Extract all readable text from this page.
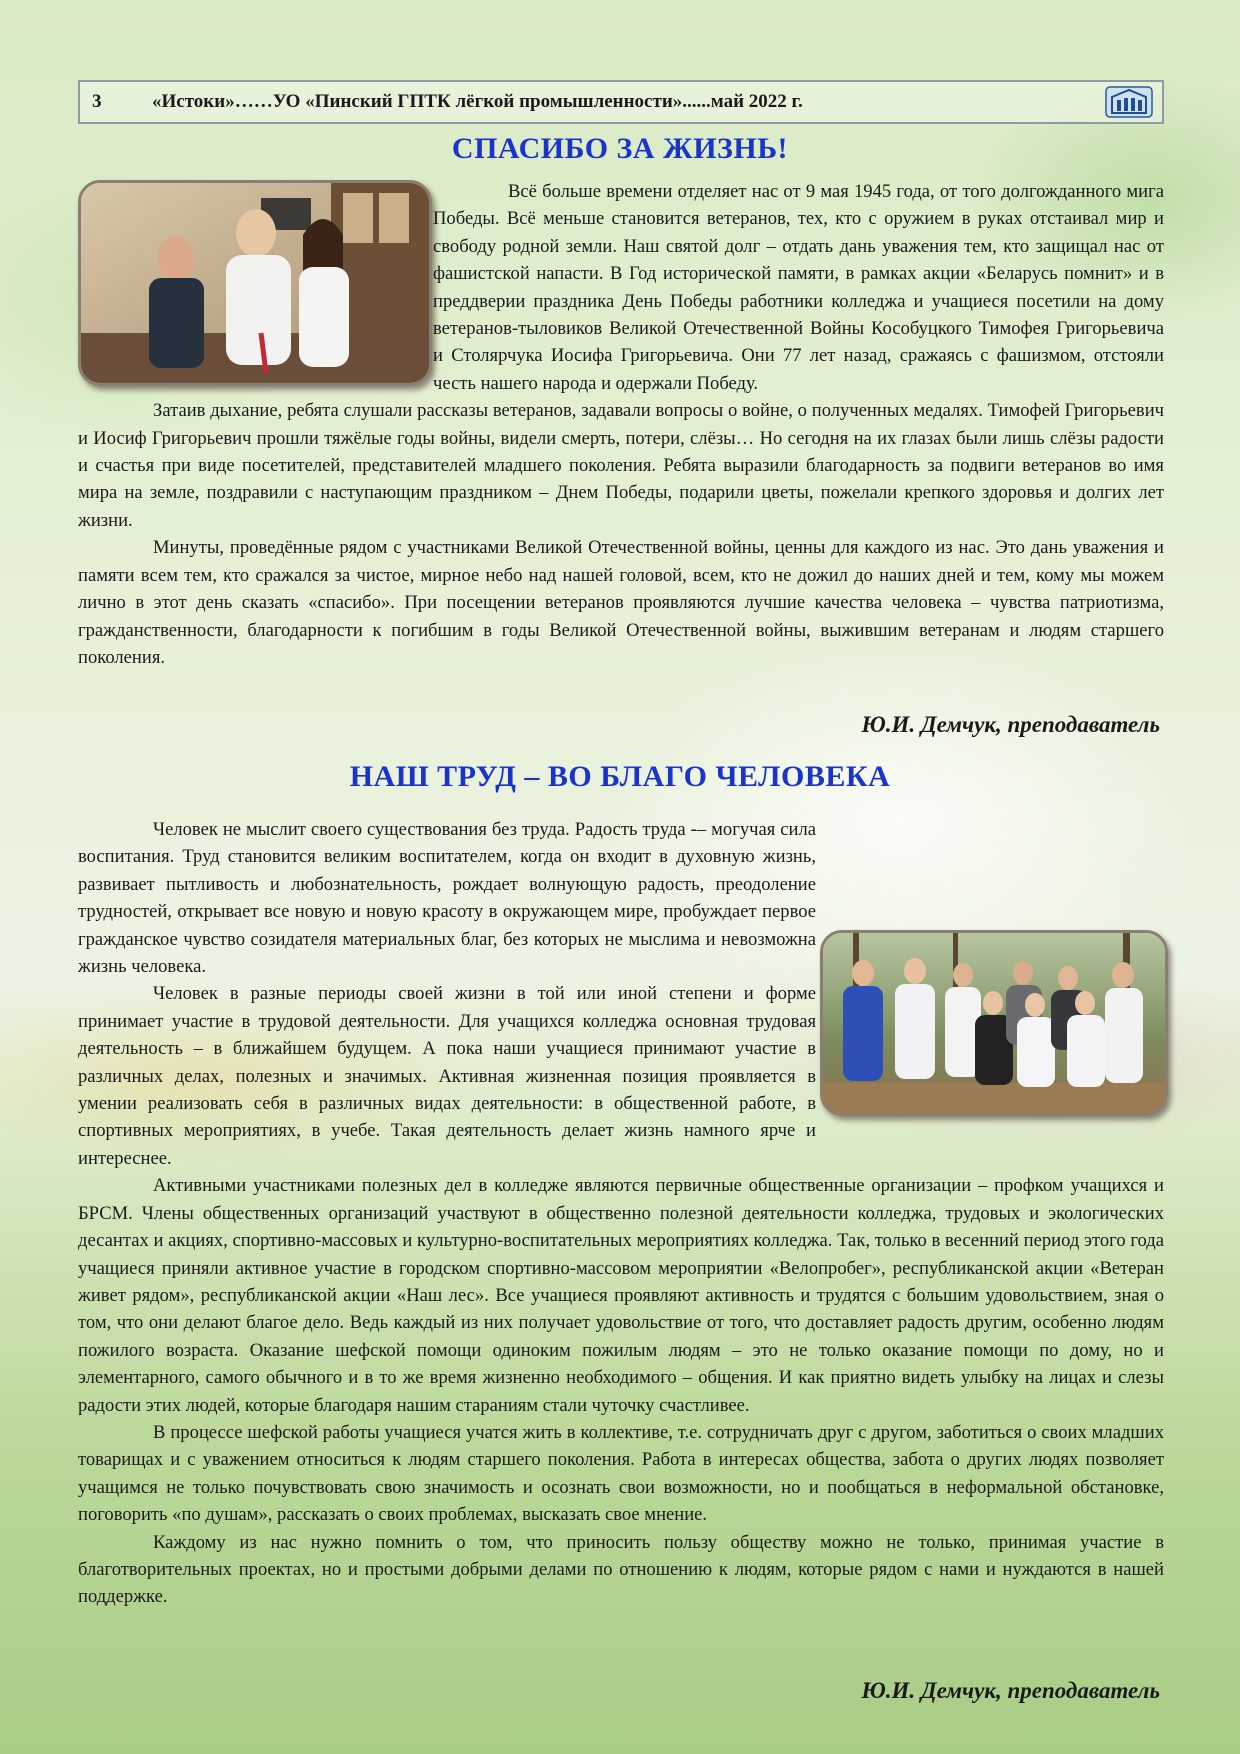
3	«Истоки»……УО «Пинский ГПТК лёгкой промышленности»......май 2022 г.
СПАСИБО ЗА ЖИЗНЬ!

Всё больше времени отделяет нас от 9 мая 1945 года, от того долгожданного мига Победы. Всё меньше становится ветеранов, тех, кто с оружием в руках отстаивал мир и свободу родной земли. Наш святой долг – отдать дань уважения тем, кто защищал нас от фашистской напасти. В Год исторической памяти, в рамках акции «Беларусь помнит» и в преддверии праздника День Победы работники колледжа и учащиеся посетили на дому ветеранов-тыловиков Великой Отечественной Войны Кособуцкого Тимофея Григорьевича и Столярчука Иосифа Григорьевича. Они 77 лет назад, сражаясь с фашизмом, отстояли честь нашего народа и одержали Победу.

Затаив дыхание, ребята слушали рассказы ветеранов, задавали вопросы о войне, о полученных медалях. Тимофей Григорьевич и Иосиф Григорьевич прошли тяжёлые годы войны, видели смерть, потери, слёзы… Но сегодня на их глазах были лишь слёзы радости и счастья при виде посетителей, представителей младшего поколения. Ребята выразили благодарность за подвиги ветеранов во имя мира на земле, поздравили с наступающим праздником – Днем Победы, подарили цветы, пожелали крепкого здоровья и долгих лет жизни.

Минуты, проведённые рядом с участниками Великой Отечественной войны, ценны для каждого из нас. Это дань уважения и памяти всем тем, кто сражался за чистое, мирное небо над нашей головой, всем, кто не дожил до наших дней и тем, кому мы можем лично в этот день сказать «спасибо». При посещении ветеранов проявляются лучшие качества человека – чувства патриотизма, гражданственности, благодарности к погибшим в годы Великой Отечественной войны, выжившим ветеранам и людям старшего поколения.

Ю.И. Демчук, преподаватель
НАШ ТРУД – ВО БЛАГО ЧЕЛОВЕКА

Человек не мыслит своего существования без труда. Радость труда -– могучая сила воспитания. Труд становится великим воспитателем, когда он входит в духовную жизнь, развивает пытливость и любознательность, рождает волнующую радость, преодоление трудностей, открывает все новую и новую красоту в окружающем мире, пробуждает первое гражданское чувство созидателя материальных благ, без которых не мыслима и невозможна жизнь человека.

Человек в разные периоды своей жизни в той или иной степени и форме принимает участие в трудовой деятельности. Для учащихся колледжа основная трудовая деятельность – в ближайшем будущем. А пока наши учащиеся принимают участие в различных делах, полезных и значимых. Активная жизненная позиция проявляется в умении реализовать себя в различных видах деятельности: в общественной работе, в спортивных мероприятиях, в учебе. Такая деятельность делает жизнь намного ярче и интереснее.

Активными участниками полезных дел в колледже являются первичные общественные организации – профком учащихся и БРСМ. Члены общественных организаций участвуют в общественно полезной деятельности колледжа, трудовых и экологических десантах и акциях, спортивно-массовых и культурно-воспитательных мероприятиях колледжа. Так, только в весенний период этого года учащиеся приняли активное участие в городском спортивно-массовом мероприятии «Велопробег», республиканской акции «Ветеран живет рядом», республиканской акции «Наш лес». Все учащиеся проявляют активность и трудятся с большим удовольствием, зная о том, что они делают благое дело. Ведь каждый из них получает удовольствие от того, что доставляет радость другим, особенно людям пожилого возраста. Оказание шефской помощи одиноким пожилым людям – это не только оказание помощи по дому, но и элементарного, самого обычного и в то же время жизненно необходимого – общения. И как приятно видеть улыбку на лицах и слезы радости этих людей, которые благодаря нашим стараниям стали чуточку счастливее.

В процессе шефской работы учащиеся учатся жить в коллективе, т.е. сотрудничать друг с другом, заботиться о своих младших товарищах и с уважением относиться к людям старшего поколения. Работа в интересах общества, забота о других людях позволяет учащимся не только почувствовать свою значимость и осознать свои возможности, но и пообщаться в неформальной обстановке, поговорить «по душам», рассказать о своих проблемах, высказать свое мнение.

Каждому из нас нужно помнить о том, что приносить пользу обществу можно не только, принимая участие в благотворительных проектах, но и простыми добрыми делами по отношению к людям, которые рядом с нами и нуждаются в нашей поддержке.

Ю.И. Демчук, преподаватель
